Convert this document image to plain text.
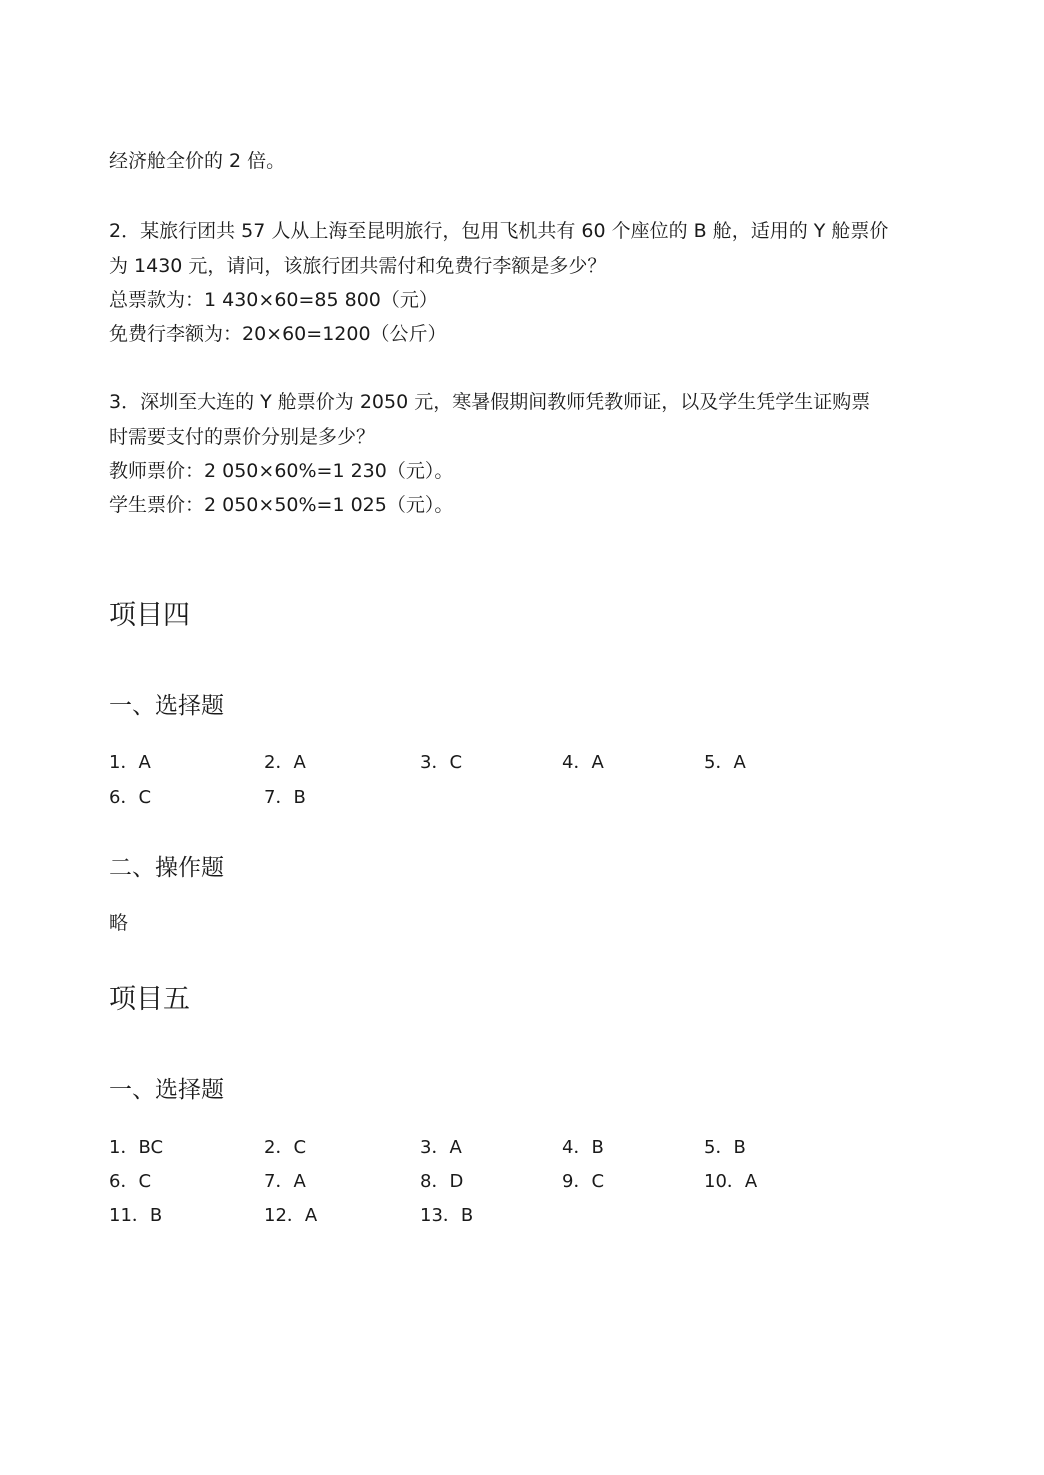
经济舱全价的 2 倍。
2．某旅行团共 57 人从上海至昆明旅行，包用飞机共有 60 个座位的 B 舱，适用的 Y 舱票价
为 1430 元，请问，该旅行团共需付和免费行李额是多少？
总票款为：1 430×60=85 800（元）
免费行李额为：20×60=1200（公斤）
3．深圳至大连的 Y 舱票价为 2050 元，寒暑假期间教师凭教师证，以及学生凭学生证购票
时需要支付的票价分别是多少？
教师票价：2 050×60%=1 230（元）。
学生票价：2 050×50%=1 025（元）。
项目四
一、选择题
1．A	2．A	3．C	4．A	5．A
6．C	7．B
二、操作题
略
项目五
一、选择题
1．BC	2．C	3．A	4．B	5．B
6．C	7．A	8．D	9．C	10．A
11．B	12．A	13．B
